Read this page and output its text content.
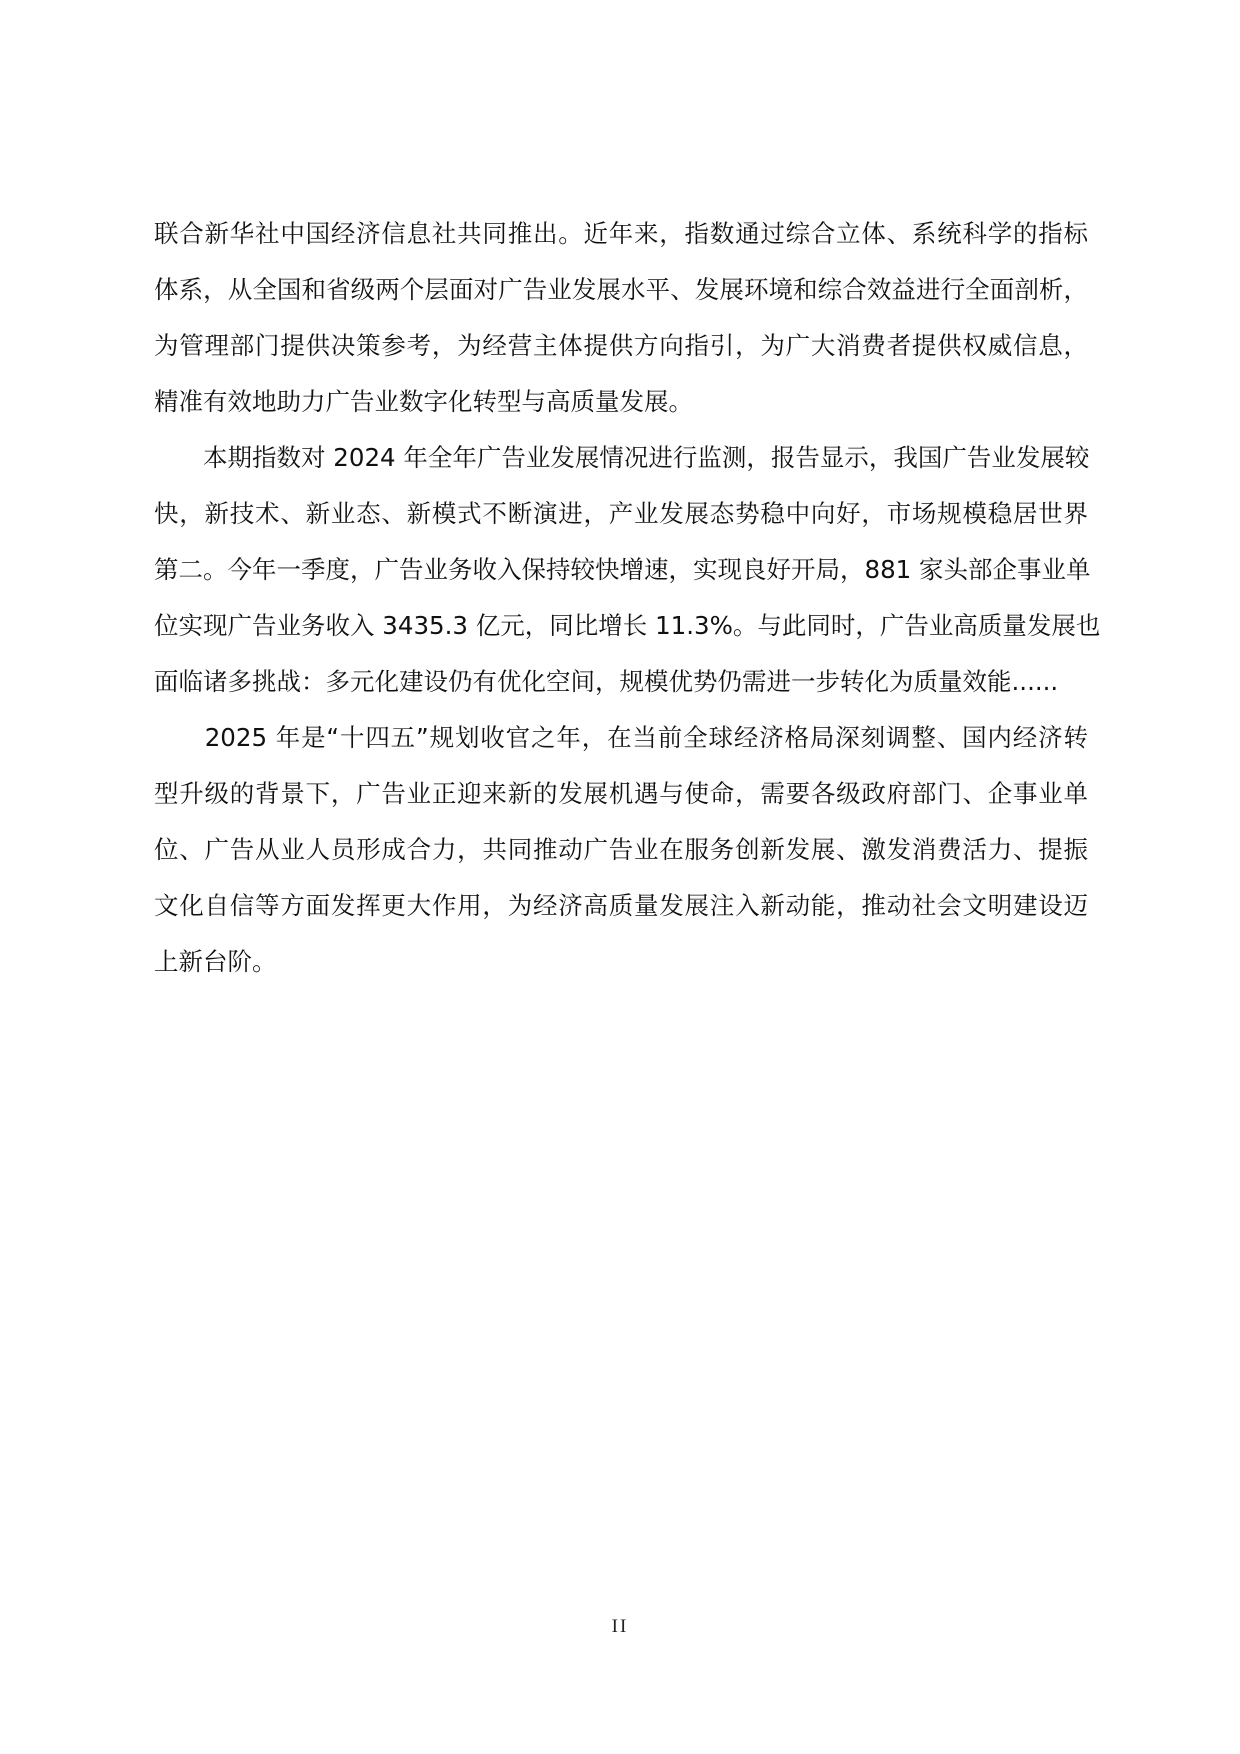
联合新华社中国经济信息社共同推出。近年来，指数通过综合立体、系统科学的指标
体系，从全国和省级两个层面对广告业发展水平、发展环境和综合效益进行全面剖析，
为管理部门提供决策参考，为经营主体提供方向指引，为广大消费者提供权威信息，
精准有效地助力广告业数字化转型与高质量发展。
　　本期指数对 2024 年全年广告业发展情况进行监测，报告显示，我国广告业发展较
快，新技术、新业态、新模式不断演进，产业发展态势稳中向好，市场规模稳居世界
第二。今年一季度，广告业务收入保持较快增速，实现良好开局，881 家头部企事业单
位实现广告业务收入 3435.3 亿元，同比增长 11.3%。与此同时，广告业高质量发展也
面临诸多挑战：多元化建设仍有优化空间，规模优势仍需进一步转化为质量效能......
　　2025 年是“十四五”规划收官之年，在当前全球经济格局深刻调整、国内经济转
型升级的背景下，广告业正迎来新的发展机遇与使命，需要各级政府部门、企事业单
位、广告从业人员形成合力，共同推动广告业在服务创新发展、激发消费活力、提振
文化自信等方面发挥更大作用，为经济高质量发展注入新动能，推动社会文明建设迈
上新台阶。
II
